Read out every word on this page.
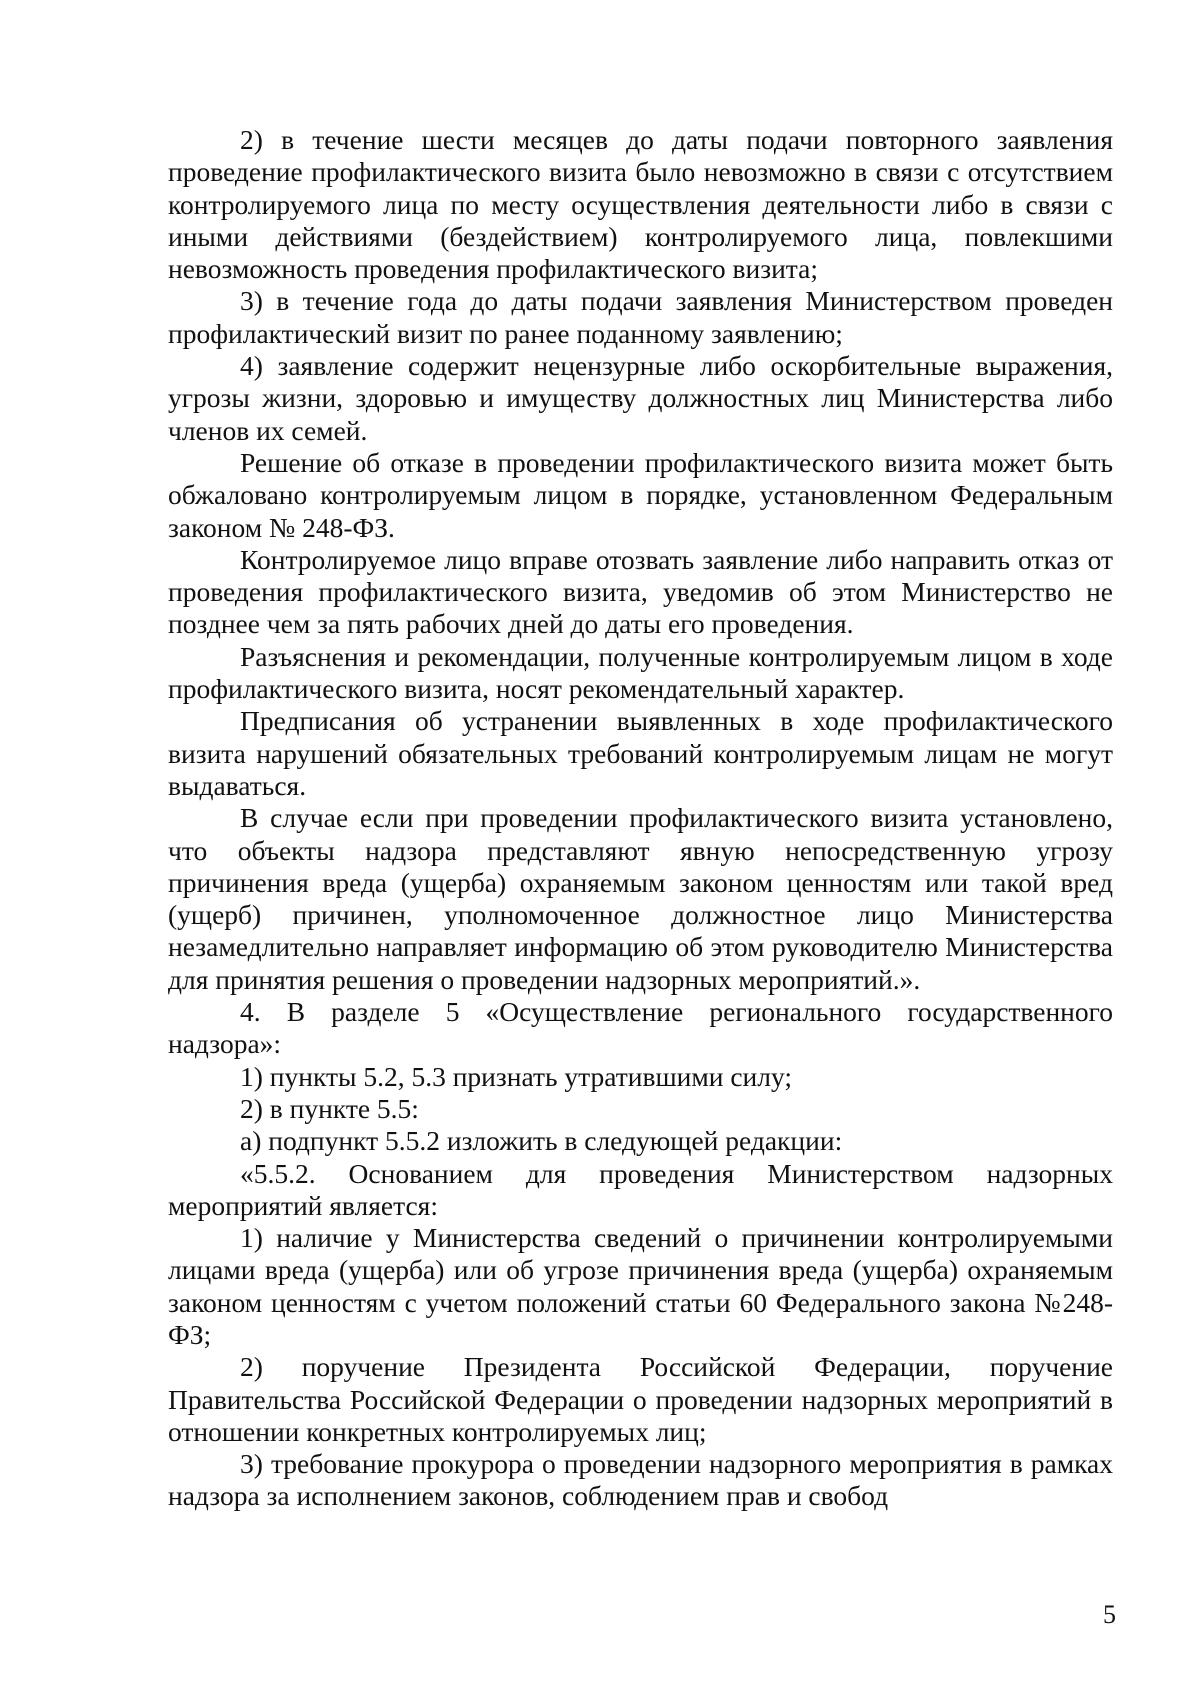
2) в течение шести месяцев до даты подачи повторного заявления проведение профилактического визита было невозможно в связи с отсутствием контролируемого лица по месту осуществления деятельности либо в связи с иными действиями (бездействием) контролируемого лица, повлекшими невозможность проведения профилактического визита;

3) в течение года до даты подачи заявления Министерством проведен профилактический визит по ранее поданному заявлению;

4) заявление содержит нецензурные либо оскорбительные выражения, угрозы жизни, здоровью и имуществу должностных лиц Министерства либо членов их семей.

Решение об отказе в проведении профилактического визита может быть обжаловано контролируемым лицом в порядке, установленном Федеральным законом № 248-ФЗ.

Контролируемое лицо вправе отозвать заявление либо направить отказ от проведения профилактического визита, уведомив об этом Министерство не позднее чем за пять рабочих дней до даты его проведения.

Разъяснения и рекомендации, полученные контролируемым лицом в ходе профилактического визита, носят рекомендательный характер.

Предписания об устранении выявленных в ходе профилактического визита нарушений обязательных требований контролируемым лицам не могут выдаваться.

В случае если при проведении профилактического визита установлено, что объекты надзора представляют явную непосредственную угрозу причинения вреда (ущерба) охраняемым законом ценностям или такой вред (ущерб) причинен, уполномоченное должностное лицо Министерства незамедлительно направляет информацию об этом руководителю Министерства для принятия решения о проведении надзорных мероприятий.».

4. В разделе 5 «Осуществление регионального государственного надзора»:

1) пункты 5.2, 5.3 признать утратившими силу;

2) в пункте 5.5:

а) подпункт 5.5.2 изложить в следующей редакции:

«5.5.2. Основанием для проведения Министерством надзорных мероприятий является:

1) наличие у Министерства сведений о причинении контролируемыми лицами вреда (ущерба) или об угрозе причинения вреда (ущерба) охраняемым законом ценностям с учетом положений статьи 60 Федерального закона №248-ФЗ;

2) поручение Президента Российской Федерации, поручение Правительства Российской Федерации о проведении надзорных мероприятий в отношении конкретных контролируемых лиц;

3) требование прокурора о проведении надзорного мероприятия в рамках надзора за исполнением законов, соблюдением прав и свобод

5
